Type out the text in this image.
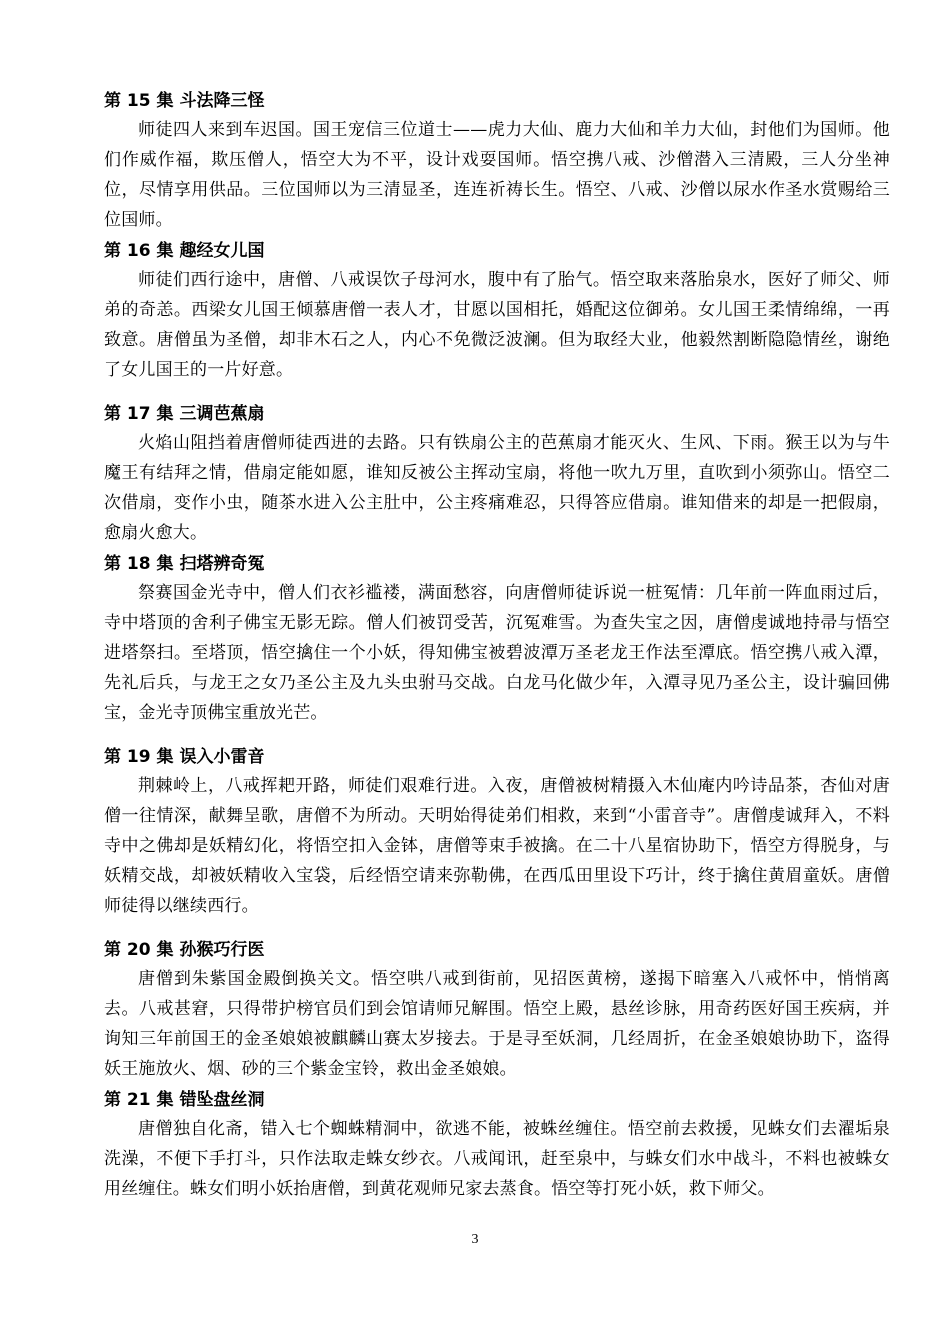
第 15 集 斗法降三怪

师徒四人来到车迟国。国王宠信三位道士——虎力大仙、鹿力大仙和羊力大仙，封他们为国师。他们作威作福，欺压僧人，悟空大为不平，设计戏耍国师。悟空携八戒、沙僧潜入三清殿，三人分坐神位，尽情享用供品。三位国师以为三清显圣，连连祈祷长生。悟空、八戒、沙僧以尿水作圣水赏赐给三位国师。

第 16 集 趣经女儿国

师徒们西行途中，唐僧、八戒误饮子母河水，腹中有了胎气。悟空取来落胎泉水，医好了师父、师弟的奇恙。西梁女儿国王倾慕唐僧一表人才，甘愿以国相托，婚配这位御弟。女儿国王柔情绵绵，一再致意。唐僧虽为圣僧，却非木石之人，内心不免微泛波澜。但为取经大业，他毅然割断隐隐情丝，谢绝了女儿国王的一片好意。

第 17 集 三调芭蕉扇

火焰山阻挡着唐僧师徒西进的去路。只有铁扇公主的芭蕉扇才能灭火、生风、下雨。猴王以为与牛魔王有结拜之情，借扇定能如愿，谁知反被公主挥动宝扇，将他一吹九万里，直吹到小须弥山。悟空二次借扇，变作小虫，随茶水进入公主肚中，公主疼痛难忍，只得答应借扇。谁知借来的却是一把假扇，愈扇火愈大。

第 18 集 扫塔辨奇冤

祭赛国金光寺中，僧人们衣衫褴褛，满面愁容，向唐僧师徒诉说一桩冤情：几年前一阵血雨过后，寺中塔顶的舍利子佛宝无影无踪。僧人们被罚受苦，沉冤难雪。为查失宝之因，唐僧虔诚地持帚与悟空进塔祭扫。至塔顶，悟空擒住一个小妖，得知佛宝被碧波潭万圣老龙王作法至潭底。悟空携八戒入潭，先礼后兵，与龙王之女乃圣公主及九头虫驸马交战。白龙马化做少年，入潭寻见乃圣公主，设计骗回佛宝，金光寺顶佛宝重放光芒。

第 19 集 误入小雷音

荆棘岭上，八戒挥耙开路，师徒们艰难行进。入夜，唐僧被树精摄入木仙庵内吟诗品茶，杏仙对唐僧一往情深，献舞呈歌，唐僧不为所动。天明始得徒弟们相救，来到“小雷音寺”。唐僧虔诚拜入，不料寺中之佛却是妖精幻化，将悟空扣入金钵，唐僧等束手被擒。在二十八星宿协助下，悟空方得脱身，与妖精交战，却被妖精收入宝袋，后经悟空请来弥勒佛，在西瓜田里设下巧计，终于擒住黄眉童妖。唐僧师徒得以继续西行。

第 20 集 孙猴巧行医

唐僧到朱紫国金殿倒换关文。悟空哄八戒到街前，见招医黄榜，遂揭下暗塞入八戒怀中，悄悄离去。八戒甚窘，只得带护榜官员们到会馆请师兄解围。悟空上殿，悬丝诊脉，用奇药医好国王疾病，并询知三年前国王的金圣娘娘被麒麟山赛太岁接去。于是寻至妖洞，几经周折，在金圣娘娘协助下，盗得妖王施放火、烟、砂的三个紫金宝铃，救出金圣娘娘。

第 21 集 错坠盘丝洞

唐僧独自化斋，错入七个蜘蛛精洞中，欲逃不能，被蛛丝缠住。悟空前去救援，见蛛女们去濯垢泉洗澡，不便下手打斗，只作法取走蛛女纱衣。八戒闻讯，赶至泉中，与蛛女们水中战斗，不料也被蛛女用丝缠住。蛛女们明小妖抬唐僧，到黄花观师兄家去蒸食。悟空等打死小妖，救下师父。

3
